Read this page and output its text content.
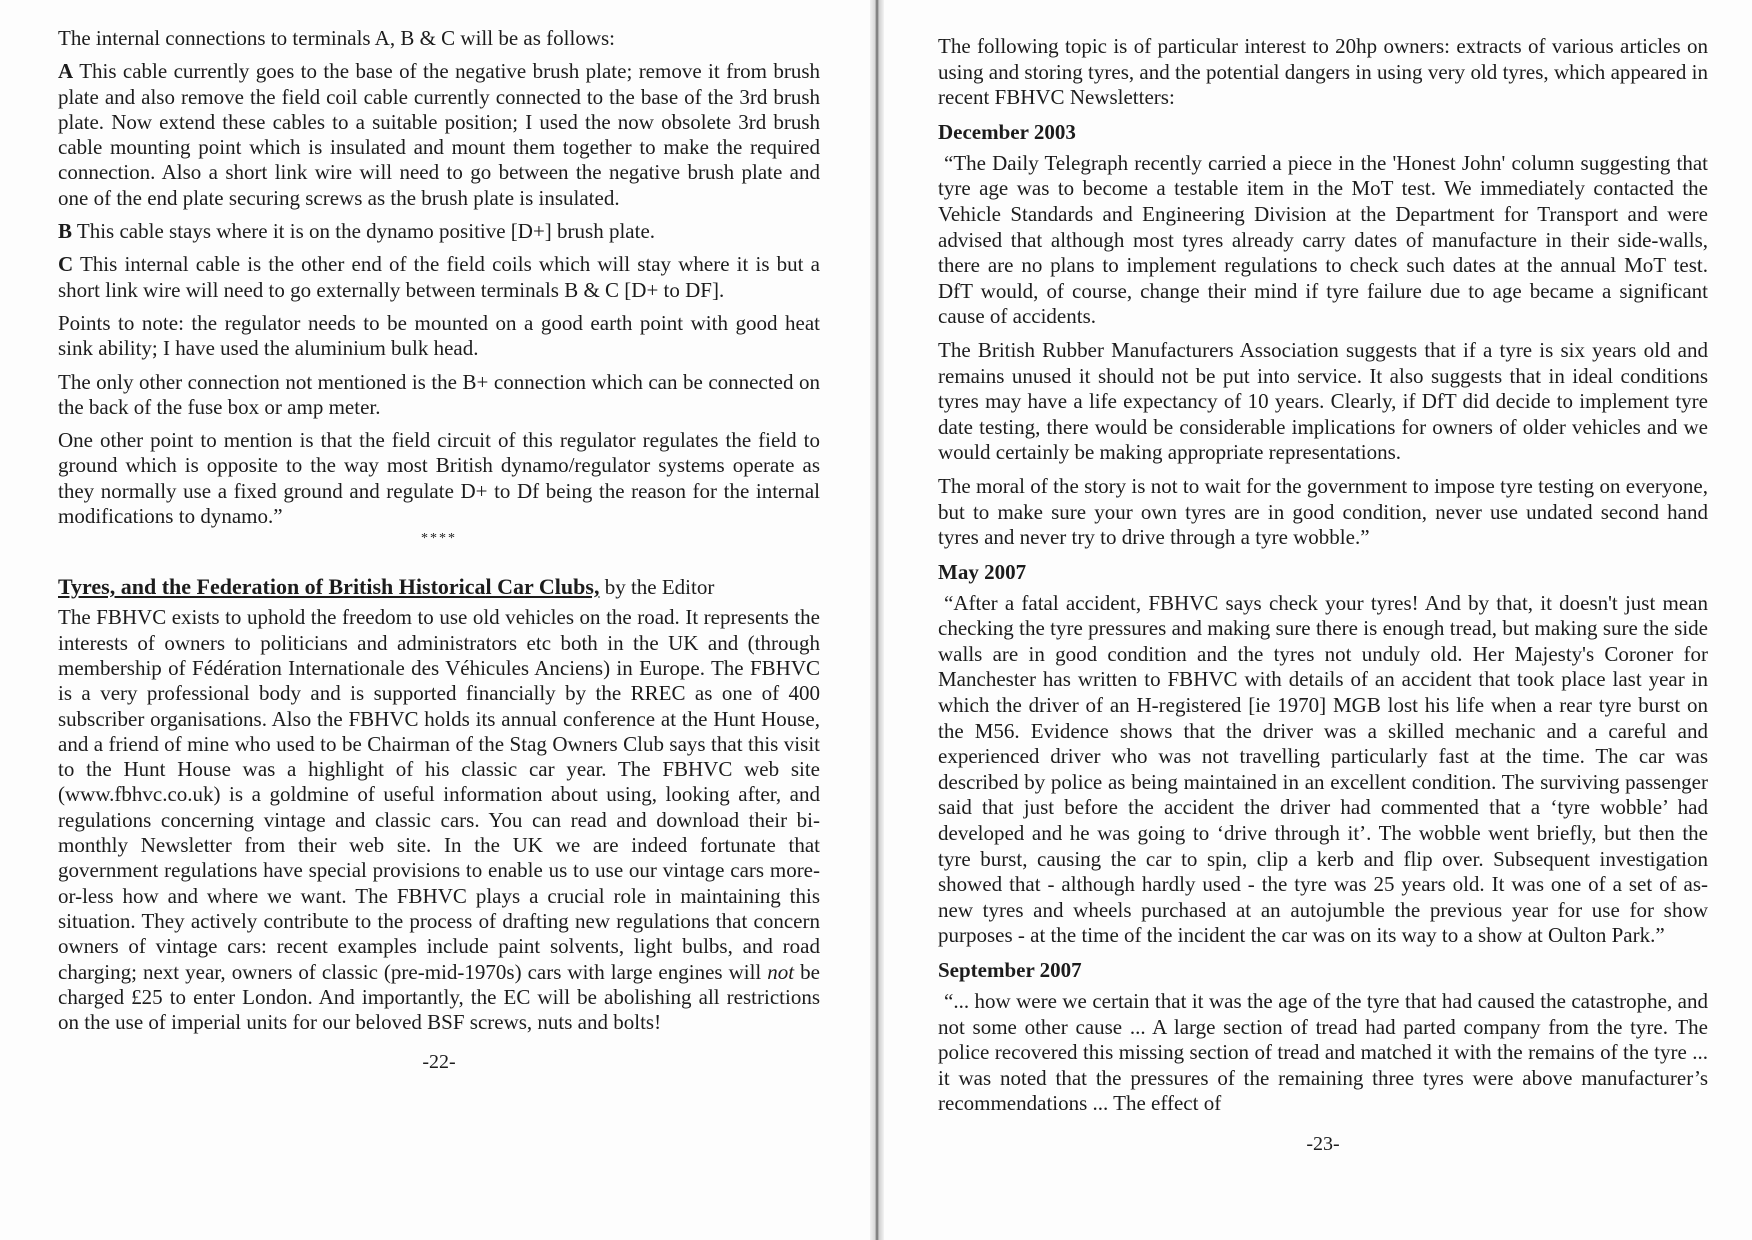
The internal connections to terminals A, B & C will be as follows:

A This cable currently goes to the base of the negative brush plate; remove it from brush plate and also remove the field coil cable currently connected to the base of the 3rd brush plate. Now extend these cables to a suitable position; I used the now obsolete 3rd brush cable mounting point which is insulated and mount them together to make the required connection. Also a short link wire will need to go between the negative brush plate and one of the end plate securing screws as the brush plate is insulated.

B This cable stays where it is on the dynamo positive [D+] brush plate.

C This internal cable is the other end of the field coils which will stay where it is but a short link wire will need to go externally between terminals B & C [D+ to DF].

Points to note: the regulator needs to be mounted on a good earth point with good heat sink ability; I have used the aluminium bulk head.

The only other connection not mentioned is the B+ connection which can be connected on the back of the fuse box or amp meter.

One other point to mention is that the field circuit of this regulator regulates the field to ground which is opposite to the way most British dynamo/regulator systems operate as they normally use a fixed ground and regulate D+ to Df being the reason for the internal modifications to dynamo.”

****
Tyres, and the Federation of British Historical Car Clubs, by the Editor

The FBHVC exists to uphold the freedom to use old vehicles on the road. It represents the interests of owners to politicians and administrators etc both in the UK and (through membership of Fédération Internationale des Véhicules Anciens) in Europe. The FBHVC is a very professional body and is supported financially by the RREC as one of 400 subscriber organisations. Also the FBHVC holds its annual conference at the Hunt House, and a friend of mine who used to be Chairman of the Stag Owners Club says that this visit to the Hunt House was a highlight of his classic car year. The FBHVC web site (www.fbhvc.co.uk) is a goldmine of useful information about using, looking after, and regulations concerning vintage and classic cars. You can read and download their bi-monthly Newsletter from their web site. In the UK we are indeed fortunate that government regulations have special provisions to enable us to use our vintage cars more-or-less how and where we want. The FBHVC plays a crucial role in maintaining this situation. They actively contribute to the process of drafting new regulations that concern owners of vintage cars: recent examples include paint solvents, light bulbs, and road charging; next year, owners of classic (pre-mid-1970s) cars with large engines will not be charged £25 to enter London. And importantly, the EC will be abolishing all restrictions on the use of imperial units for our beloved BSF screws, nuts and bolts!

-22-

The following topic is of particular interest to 20hp owners: extracts of various articles on using and storing tyres, and the potential dangers in using very old tyres, which appeared in recent FBHVC Newsletters:

December 2003

“The Daily Telegraph recently carried a piece in the 'Honest John' column suggesting that tyre age was to become a testable item in the MoT test. We immediately contacted the Vehicle Standards and Engineering Division at the Department for Transport and were advised that although most tyres already carry dates of manufacture in their side-walls, there are no plans to implement regulations to check such dates at the annual MoT test. DfT would, of course, change their mind if tyre failure due to age became a significant cause of accidents.

The British Rubber Manufacturers Association suggests that if a tyre is six years old and remains unused it should not be put into service. It also suggests that in ideal conditions tyres may have a life expectancy of 10 years. Clearly, if DfT did decide to implement tyre date testing, there would be considerable implications for owners of older vehicles and we would certainly be making appropriate representations.

The moral of the story is not to wait for the government to impose tyre testing on everyone, but to make sure your own tyres are in good condition, never use undated second hand tyres and never try to drive through a tyre wobble.”

May 2007

“After a fatal accident, FBHVC says check your tyres! And by that, it doesn't just mean checking the tyre pressures and making sure there is enough tread, but making sure the side walls are in good condition and the tyres not unduly old. Her Majesty's Coroner for Manchester has written to FBHVC with details of an accident that took place last year in which the driver of an H-registered [ie 1970] MGB lost his life when a rear tyre burst on the M56. Evidence shows that the driver was a skilled mechanic and a careful and experienced driver who was not travelling particularly fast at the time. The car was described by police as being maintained in an excellent condition. The surviving passenger said that just before the accident the driver had commented that a ‘tyre wobble’ had developed and he was going to ‘drive through it’. The wobble went briefly, but then the tyre burst, causing the car to spin, clip a kerb and flip over. Subsequent investigation showed that - although hardly used - the tyre was 25 years old. It was one of a set of as-new tyres and wheels purchased at an autojumble the previous year for use for show purposes - at the time of the incident the car was on its way to a show at Oulton Park.”

September 2007

“... how were we certain that it was the age of the tyre that had caused the catastrophe, and not some other cause ... A large section of tread had parted company from the tyre. The police recovered this missing section of tread and matched it with the remains of the tyre ... it was noted that the pressures of the remaining three tyres were above manufacturer’s recommendations ... The effect of

-23-
